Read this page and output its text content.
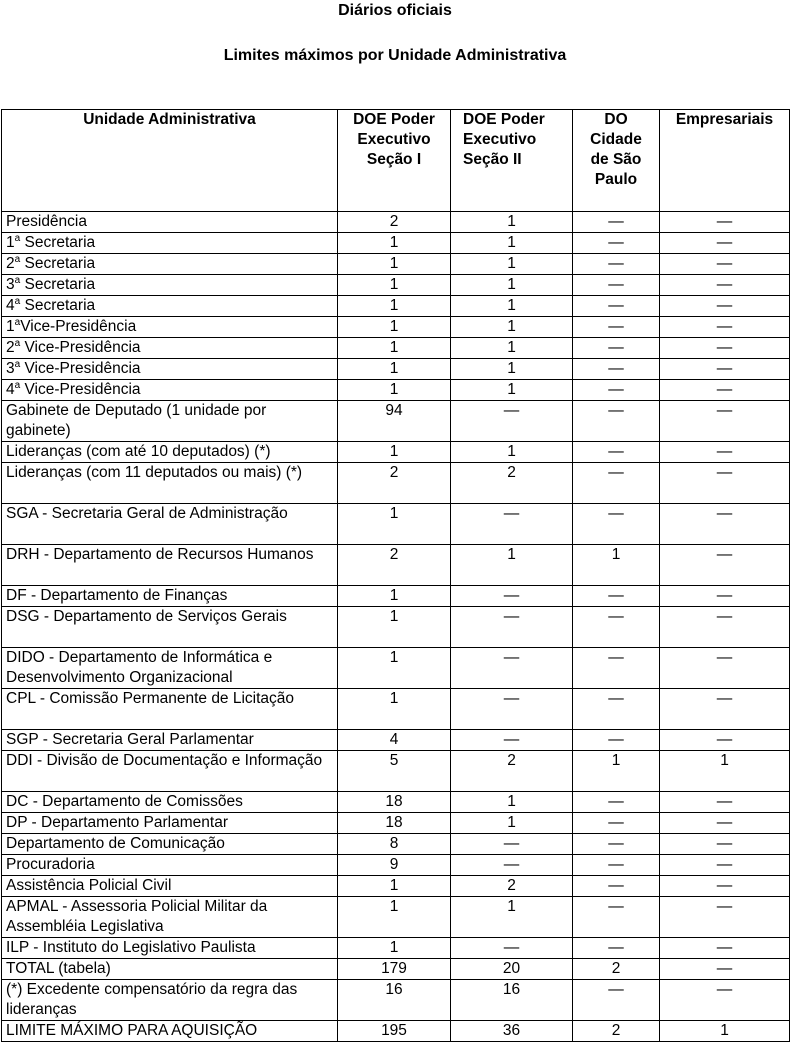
Diários oficiais
Limites máximos por Unidade Administrativa
Unidade Administrativa	DOE Poder Executivo Seção I	DOE Poder Executivo Seção II	DO Cidade de São Paulo	Empresariais
Presidência	2	1	—	—
1$^a$ Secretaria	1	1	—	—
2$^a$ Secretaria	1	1	—	—
3$^a$ Secretaria	1	1	—	—
4$^a$ Secretaria	1	1	—	—
1$^a$Vice-Presidência	1	1	—	—
2$^a$ Vice-Presidência	1	1	—	—
3$^a$ Vice-Presidência	1	1	—	—
4$^a$ Vice-Presidência	1	1	—	—
Gabinete de Deputado (1 unidade por gabinete)	94	—	—	—
Lideranças (com até 10 deputados) (*)	1	1	—	—
Lideranças (com 11 deputados ou mais) (*)	2	2	—	—
SGA - Secretaria Geral de Administração	1	—	—	—
DRH - Departamento de Recursos Humanos	2	1	1	—
DF - Departamento de Finanças	1	—	—	—
DSG - Departamento de Serviços Gerais	1	—	—	—
DIDO - Departamento de Informática e Desenvolvimento Organizacional	1	—	—	—
CPL - Comissão Permanente de Licitação	1	—	—	—
SGP - Secretaria Geral Parlamentar	4	—	—	—
DDI - Divisão de Documentação e Informação	5	2	1	1
DC - Departamento de Comissões	18	1	—	—
DP - Departamento Parlamentar	18	1	—	—
Departamento de Comunicação	8	—	—	—
Procuradoria	9	—	—	—
Assistência Policial Civil	1	2	—	—
APMAL - Assessoria Policial Militar da Assembléia Legislativa	1	1	—	—
ILP - Instituto do Legislativo Paulista	1	—	—	—
TOTAL (tabela)	179	20	2	—
(*) Excedente compensatório da regra das lideranças	16	16	—	—
LIMITE MÁXIMO PARA AQUISIÇÃO	195	36	2	1
